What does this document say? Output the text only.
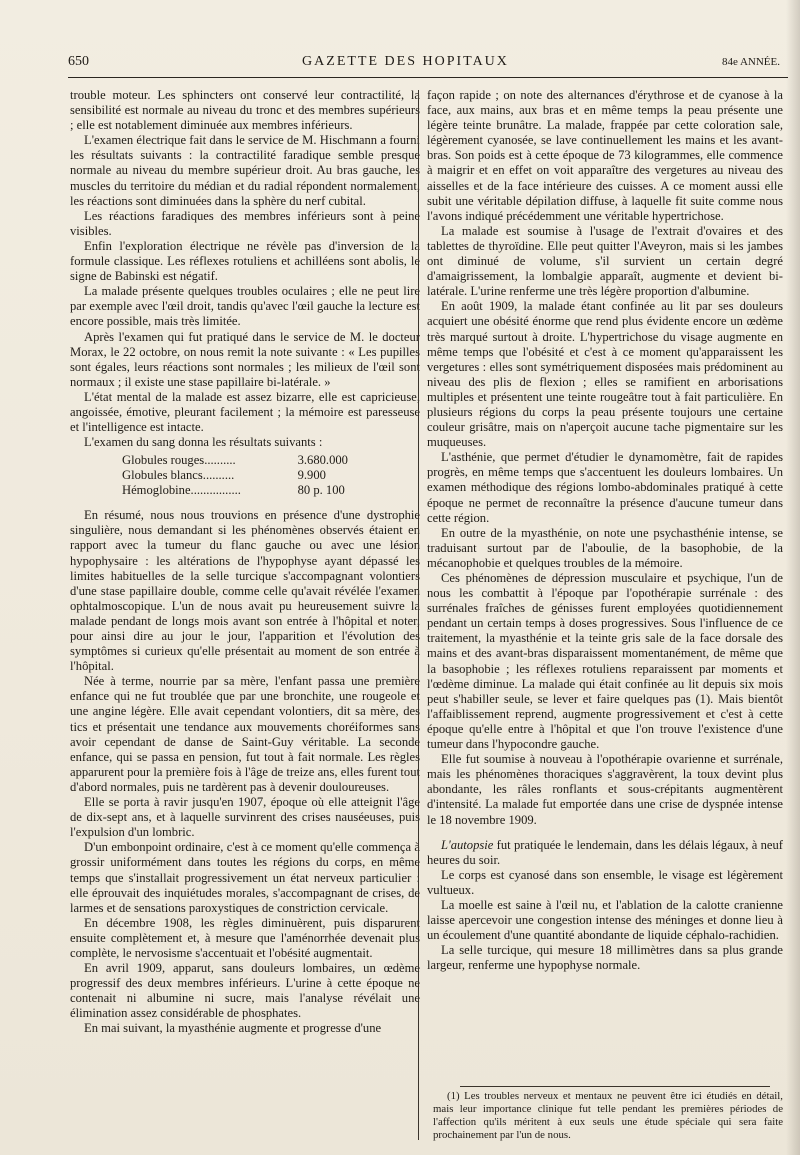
650	GAZETTE DES HOPITAUX	84e ANNÉE.

trouble moteur. Les sphincters ont conservé leur contractilité, la sensibilité est normale au niveau du tronc et des membres supérieurs ; elle est notablement diminuée aux membres inférieurs.

L'examen électrique fait dans le service de M. Hischmann a fourni les résultats suivants : la contractilité faradique semble presque normale au niveau du membre supérieur droit. Au bras gauche, les muscles du territoire du médian et du radial répondent normalement, les réactions sont diminuées dans la sphère du nerf cubital.

Les réactions faradiques des membres inférieurs sont à peine visibles.

Enfin l'exploration électrique ne révèle pas d'inversion de la formule classique. Les réflexes rotuliens et achilléens sont abolis, le signe de Babinski est négatif.

La malade présente quelques troubles oculaires ; elle ne peut lire par exemple avec l'œil droit, tandis qu'avec l'œil gauche la lecture est encore possible, mais très limitée.

Après l'examen qui fut pratiqué dans le service de M. le docteur Morax, le 22 octobre, on nous remit la note suivante : « Les pupilles sont égales, leurs réactions sont normales ; les milieux de l'œil sont normaux ; il existe une stase papillaire bi-latérale. »

L'état mental de la malade est assez bizarre, elle est capricieuse, angoissée, émotive, pleurant facilement ; la mémoire est paresseuse et l'intelligence est intacte.

L'examen du sang donna les résultats suivants :

Globules rouges..........	3.680.000
Globules blancs..........	9.900
Hémoglobine................	80 p. 100

En résumé, nous nous trouvions en présence d'une dystrophie singulière, nous demandant si les phénomènes observés étaient en rapport avec la tumeur du flanc gauche ou avec une lésion hypophysaire : les altérations de l'hypophyse ayant dépassé les limites habituelles de la selle turcique s'accompagnant volontiers d'une stase papillaire double, comme celle qu'avait révélée l'examen ophtalmoscopique. L'un de nous avait pu heureusement suivre la malade pendant de longs mois avant son entrée à l'hôpital et noter, pour ainsi dire au jour le jour, l'apparition et l'évolution des symptômes si curieux qu'elle présentait au moment de son entrée à l'hôpital.

Née à terme, nourrie par sa mère, l'enfant passa une première enfance qui ne fut troublée que par une bronchite, une rougeole et une angine légère. Elle avait cependant volontiers, dit sa mère, des tics et présentait une tendance aux mouvements choréiformes sans avoir cependant de danse de Saint-Guy véritable. La seconde enfance, qui se passa en pension, fut tout à fait normale. Les règles apparurent pour la première fois à l'âge de treize ans, elles furent tout d'abord normales, puis ne tardèrent pas à devenir douloureuses.

Elle se porta à ravir jusqu'en 1907, époque où elle atteignit l'âge de dix-sept ans, et à laquelle survinrent des crises nauséeuses, puis l'expulsion d'un lombric.

D'un embonpoint ordinaire, c'est à ce moment qu'elle commença à grossir uniformément dans toutes les régions du corps, en même temps que s'installait progressivement un état nerveux particulier : elle éprouvait des inquiétudes morales, s'accompagnant de crises, de larmes et de sensations paroxystiques de constriction cervicale.

En décembre 1908, les règles diminuèrent, puis disparurent ensuite complètement et, à mesure que l'aménorrhée devenait plus complète, le nervosisme s'accentuait et l'obésité augmentait.

En avril 1909, apparut, sans douleurs lombaires, un œdème progressif des deux membres inférieurs. L'urine à cette époque ne contenait ni albumine ni sucre, mais l'analyse révélait une élimination assez considérable de phosphates.

En mai suivant, la myasthénie augmente et progresse d'une

façon rapide ; on note des alternances d'érythrose et de cyanose à la face, aux mains, aux bras et en même temps la peau présente une légère teinte brunâtre. La malade, frappée par cette coloration sale, légèrement cyanosée, se lave continuellement les mains et les avant-bras. Son poids est à cette époque de 73 kilogrammes, elle commence à maigrir et en effet on voit apparaître des vergetures au niveau des aisselles et de la face intérieure des cuisses. A ce moment aussi elle subit une véritable dépilation diffuse, à laquelle fit suite comme nous l'avons indiqué précédemment une véritable hypertrichose.

La malade est soumise à l'usage de l'extrait d'ovaires et des tablettes de thyroïdine. Elle peut quitter l'Aveyron, mais si les jambes ont diminué de volume, s'il survient un certain degré d'amaigrissement, la lombalgie apparaît, augmente et devient bi-latérale. L'urine renferme une très légère proportion d'albumine.

En août 1909, la malade étant confinée au lit par ses douleurs acquiert une obésité énorme que rend plus évidente encore un œdème très marqué surtout à droite. L'hypertrichose du visage augmente en même temps que l'obésité et c'est à ce moment qu'apparaissent les vergetures : elles sont symétriquement disposées mais prédominent au niveau des plis de flexion ; elles se ramifient en arborisations multiples et présentent une teinte rougeâtre tout à fait particulière. En plusieurs régions du corps la peau présente toujours une certaine couleur grisâtre, mais on n'aperçoit aucune tache pigmentaire sur les muqueuses.

L'asthénie, que permet d'étudier le dynamomètre, fait de rapides progrès, en même temps que s'accentuent les douleurs lombaires. Un examen méthodique des régions lombo-abdominales pratiqué à cette époque ne permet de reconnaître la présence d'aucune tumeur dans cette région.

En outre de la myasthénie, on note une psychasthénie intense, se traduisant surtout par de l'aboulie, de la basophobie, de la mécanophobie et quelques troubles de la mémoire.

Ces phénomènes de dépression musculaire et psychique, l'un de nous les combattit à l'époque par l'opothérapie surrénale : des surrénales fraîches de génisses furent employées quotidiennement pendant un certain temps à doses progressives. Sous l'influence de ce traitement, la myasthénie et la teinte gris sale de la face dorsale des mains et des avant-bras disparaissent momentanément, de même que la basophobie ; les réflexes rotuliens reparaissent par moments et l'œdème diminue. La malade qui était confinée au lit depuis six mois peut s'habiller seule, se lever et faire quelques pas (1). Mais bientôt l'affaiblissement reprend, augmente progressivement et c'est à cette époque qu'elle entre à l'hôpital et que l'on trouve l'existence d'une tumeur dans l'hypocondre gauche.

Elle fut soumise à nouveau à l'opothérapie ovarienne et surrénale, mais les phénomènes thoraciques s'aggravèrent, la toux devint plus abondante, les râles ronflants et sous-crépitants augmentèrent d'intensité. La malade fut emportée dans une crise de dyspnée intense le 18 novembre 1909.

L'autopsie fut pratiquée le lendemain, dans les délais légaux, à neuf heures du soir.

Le corps est cyanosé dans son ensemble, le visage est légèrement vultueux.

La moelle est saine à l'œil nu, et l'ablation de la calotte cranienne laisse apercevoir une congestion intense des méninges et donne lieu à un écoulement d'une quantité abondante de liquide céphalo-rachidien.

La selle turcique, qui mesure 18 millimètres dans sa plus grande largeur, renferme une hypophyse normale.

(1) Les troubles nerveux et mentaux ne peuvent être ici étudiés en détail, mais leur importance clinique fut telle pendant les premières périodes de l'affection qu'ils méritent à eux seuls une étude spéciale qui sera faite prochainement par l'un de nous.
